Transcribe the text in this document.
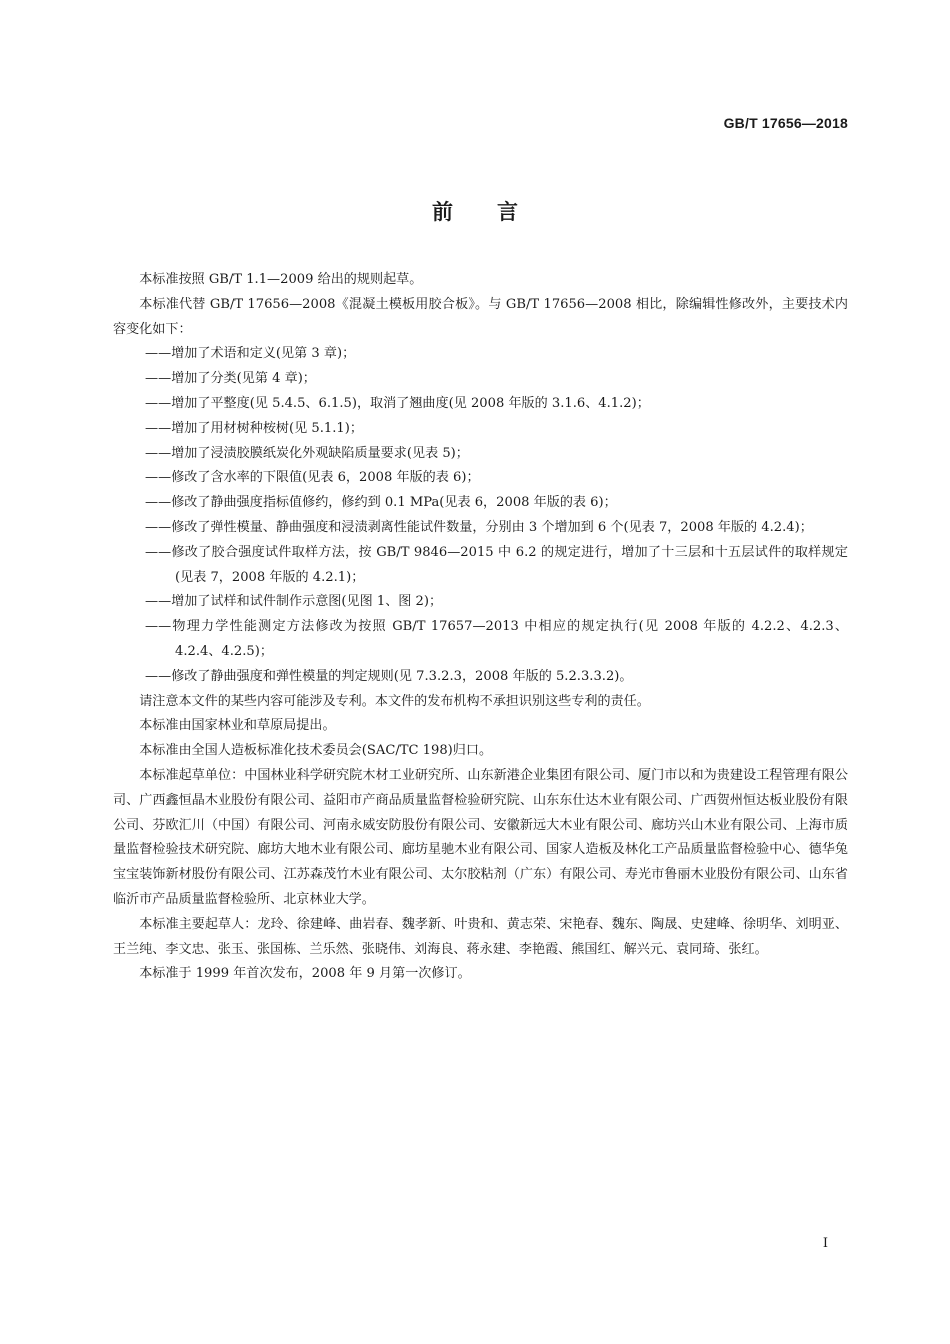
GB/T 17656—2018
前言

本标准按照 GB/T 1.1—2009 给出的规则起草。

本标准代替 GB/T 17656—2008《混凝土模板用胶合板》。与 GB/T 17656—2008 相比，除编辑性修改外，主要技术内容变化如下：

——增加了术语和定义(见第 3 章)；

——增加了分类(见第 4 章)；

——增加了平整度(见 5.4.5、6.1.5)，取消了翘曲度(见 2008 年版的 3.1.6、4.1.2)；

——增加了用材树种桉树(见 5.1.1)；

——增加了浸渍胶膜纸炭化外观缺陷质量要求(见表 5)；

——修改了含水率的下限值(见表 6，2008 年版的表 6)；

——修改了静曲强度指标值修约，修约到 0.1 MPa(见表 6，2008 年版的表 6)；

——修改了弹性模量、静曲强度和浸渍剥离性能试件数量，分别由 3 个增加到 6 个(见表 7，2008 年版的 4.2.4)；

——修改了胶合强度试件取样方法，按 GB/T 9846—2015 中 6.2 的规定进行，增加了十三层和十五层试件的取样规定(见表 7，2008 年版的 4.2.1)；

——增加了试样和试件制作示意图(见图 1、图 2)；

——物理力学性能测定方法修改为按照 GB/T 17657—2013 中相应的规定执行(见 2008 年版的 4.2.2、4.2.3、4.2.4、4.2.5)；

——修改了静曲强度和弹性模量的判定规则(见 7.3.2.3，2008 年版的 5.2.3.3.2)。

请注意本文件的某些内容可能涉及专利。本文件的发布机构不承担识别这些专利的责任。

本标准由国家林业和草原局提出。

本标准由全国人造板标准化技术委员会(SAC/TC 198)归口。

本标准起草单位：中国林业科学研究院木材工业研究所、山东新港企业集团有限公司、厦门市以和为贵建设工程管理有限公司、广西鑫恒晶木业股份有限公司、益阳市产商品质量监督检验研究院、山东东仕达木业有限公司、广西贺州恒达板业股份有限公司、芬欧汇川（中国）有限公司、河南永威安防股份有限公司、安徽新远大木业有限公司、廊坊兴山木业有限公司、上海市质量监督检验技术研究院、廊坊大地木业有限公司、廊坊星驰木业有限公司、国家人造板及林化工产品质量监督检验中心、德华兔宝宝装饰新材股份有限公司、江苏森茂竹木业有限公司、太尔胶粘剂（广东）有限公司、寿光市鲁丽木业股份有限公司、山东省临沂市产品质量监督检验所、北京林业大学。

本标准主要起草人：龙玲、徐建峰、曲岩春、魏孝新、叶贵和、黄志荣、宋艳春、魏东、陶晟、史建峰、徐明华、刘明亚、王兰纯、李文忠、张玉、张国栋、兰乐然、张晓伟、刘海良、蒋永建、李艳霞、熊国红、解兴元、袁同琦、张红。

本标准于 1999 年首次发布，2008 年 9 月第一次修订。

I
